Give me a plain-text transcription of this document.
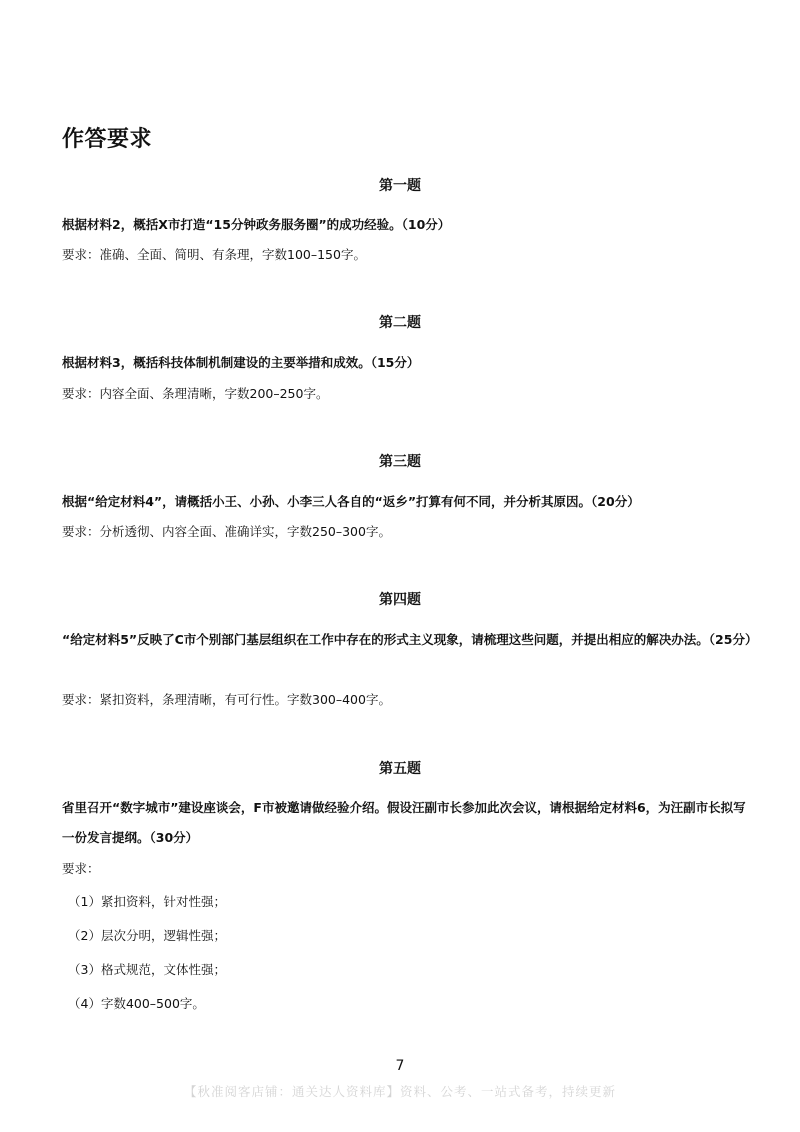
作答要求
第一题

根据材料2，概括X市打造“15分钟政务服务圈”的成功经验。（10分）

要求：准确、全面、简明、有条理，字数100–150字。

第二题

根据材料3，概括科技体制机制建设的主要举措和成效。（15分）

要求：内容全面、条理清晰，字数200–250字。

第三题

根据“给定材料4”，请概括小王、小孙、小李三人各自的“返乡”打算有何不同，并分析其原因。（20分）

要求：分析透彻、内容全面、准确详实，字数250–300字。

第四题

“给定材料5”反映了C市个别部门基层组织在工作中存在的形式主义现象，请梳理这些问题，并提出相应的解决办法。（25分）

要求：紧扣资料，条理清晰，有可行性。字数300–400字。

第五题

省里召开“数字城市”建设座谈会，F市被邀请做经验介绍。假设汪副市长参加此次会议，请根据给定材料6，为汪副市长拟写一份发言提纲。（30分）

要求：

（1）紧扣资料，针对性强；
（2）层次分明，逻辑性强；
（3）格式规范，文体性强；
（4）字数400–500字。

7

【秋准阅客店铺：通关达人资料库】资料、公考、一站式备考，持续更新
